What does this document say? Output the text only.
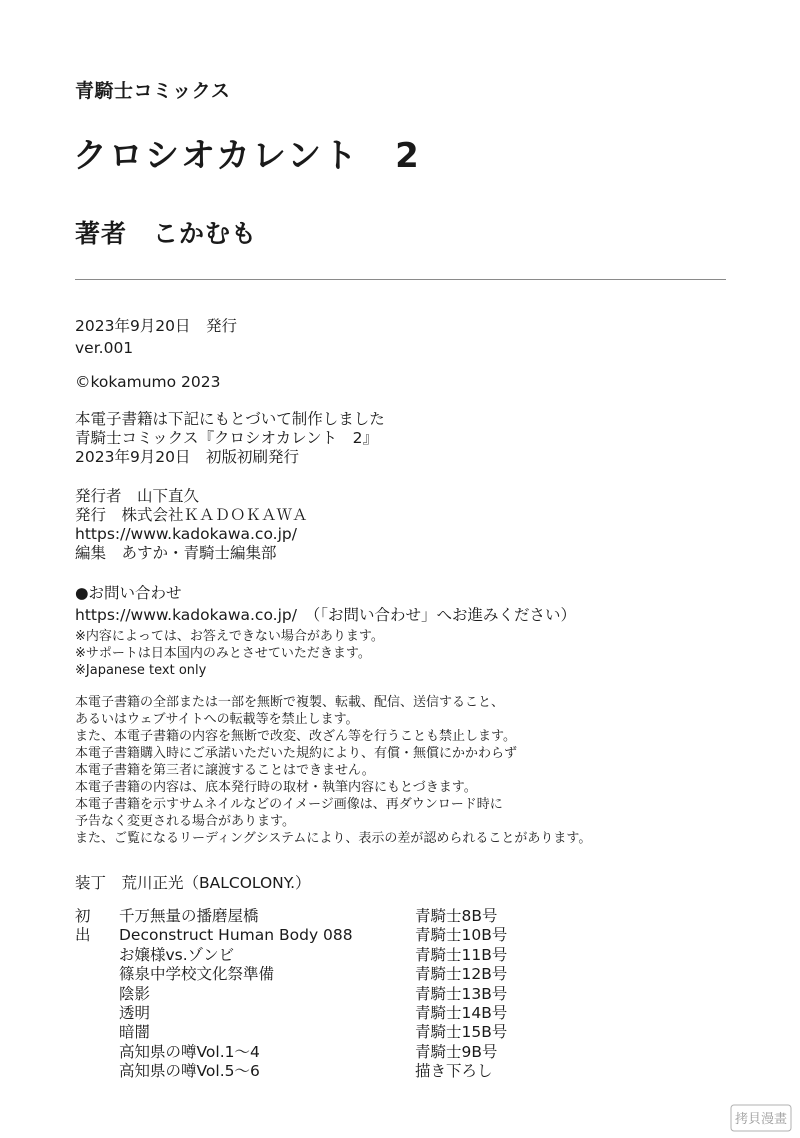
青騎士コミックス
クロシオカレント　2
著者　こかむも
2023年9月20日　発行
ver.001
©kokamumo 2023
本電子書籍は下記にもとづいて制作しました
青騎士コミックス『クロシオカレント　2』
2023年9月20日　初版初刷発行
発行者　山下直久
発行　株式会社ＫＡＤＯＫＡＷＡ
https://www.kadokawa.co.jp/
編集　あすか・青騎士編集部
●お問い合わせ
https://www.kadokawa.co.jp/　（「お問い合わせ」へお進みください）
※内容によっては、お答えできない場合があります。
※サポートは日本国内のみとさせていただきます。
※Japanese text only
本電子書籍の全部または一部を無断で複製、転載、配信、送信すること、
あるいはウェブサイトへの転載等を禁止します。
また、本電子書籍の内容を無断で改変、改ざん等を行うことも禁止します。
本電子書籍購入時にご承諾いただいた規約により、有償・無償にかかわらず
本電子書籍を第三者に譲渡することはできません。
本電子書籍の内容は、底本発行時の取材・執筆内容にもとづきます。
本電子書籍を示すサムネイルなどのイメージ画像は、再ダウンロード時に
予告なく変更される場合があります。
また、ご覧になるリーディングシステムにより、表示の差が認められることがあります。
装丁　荒川正光（BALCOLONY.）
初出
千万無量の播磨屋橋
Deconstruct Human Body 088
お嬢様vs.ゾンビ
篠泉中学校文化祭準備
陰影
透明
暗闇
高知県の噂Vol.1～4
高知県の噂Vol.5～6
青騎士8B号
青騎士10B号
青騎士11B号
青騎士12B号
青騎士13B号
青騎士14B号
青騎士15B号
青騎士9B号
描き下ろし
拷貝漫畫
